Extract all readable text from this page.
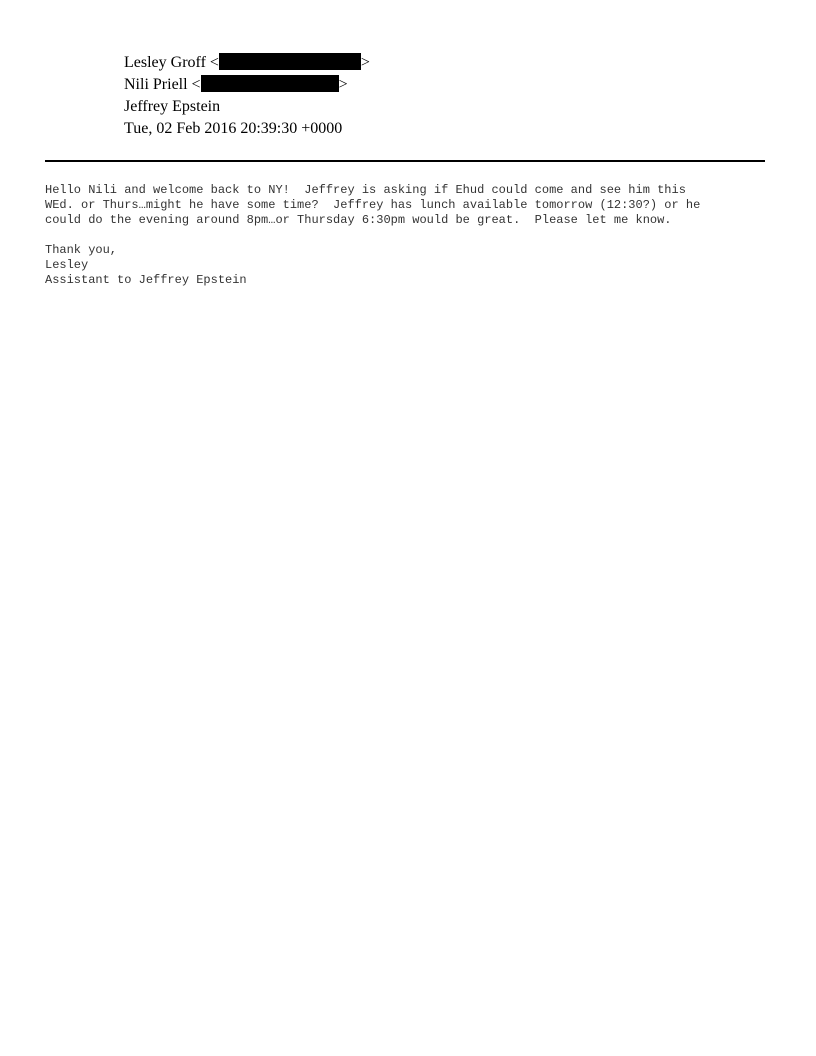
Lesley Groff <	>
Nili Priell <	>
Jeffrey Epstein
Tue, 02 Feb 2016 20:39:30 +0000

Hello Nili and welcome back to NY!  Jeffrey is asking if Ehud could come and see him this

WEd. or Thurs…might he have some time?  Jeffrey has lunch available tomorrow (12:30?) or he

could do the evening around 8pm…or Thursday 6:30pm would be great.  Please let me know.

Thank you,

Lesley

Assistant to Jeffrey Epstein
